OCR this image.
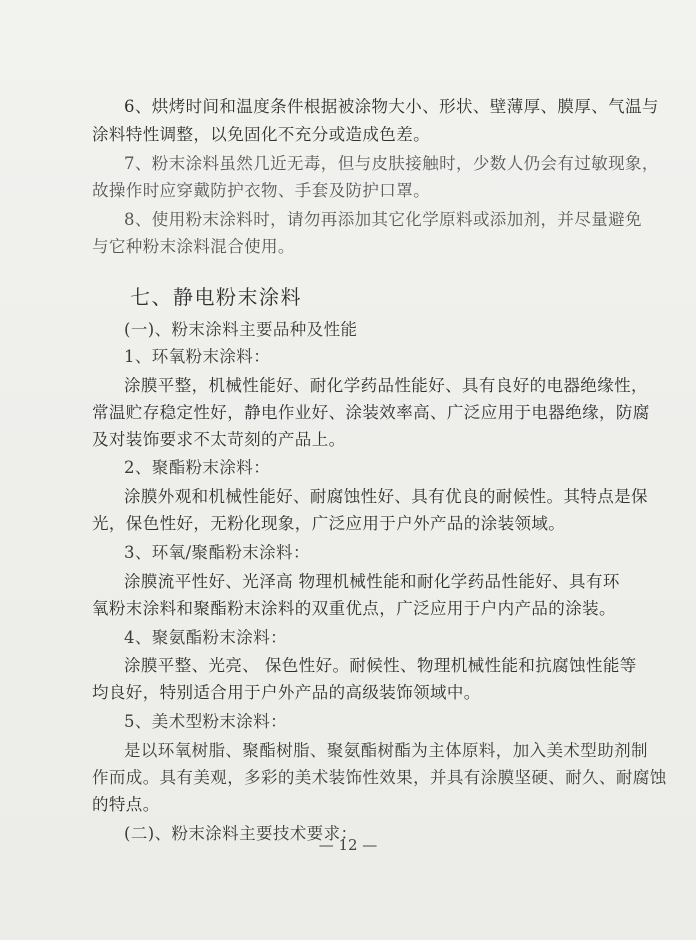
6、烘烤时间和温度条件根据被涂物大小、形状、壁薄厚、膜厚、气温与
涂料特性调整，以免固化不充分或造成色差。
7、粉末涂料虽然几近无毒，但与皮肤接触时，少数人仍会有过敏现象，
故操作时应穿戴防护衣物、手套及防护口罩。
8、使用粉末涂料时，请勿再添加其它化学原料或添加剂，并尽量避免
与它种粉末涂料混合使用。
七、静电粉末涂料
(一)、粉末涂料主要品种及性能
1、环氧粉末涂料：
涂膜平整，机械性能好、耐化学药品性能好、具有良好的电器绝缘性，
常温贮存稳定性好，静电作业好、涂装效率高、广泛应用于电器绝缘，防腐
及对装饰要求不太苛刻的产品上。
2、聚酯粉末涂料：
涂膜外观和机械性能好、耐腐蚀性好、具有优良的耐候性。其特点是保
光，保色性好，无粉化现象，广泛应用于户外产品的涂装领域。
3、环氧/聚酯粉末涂料：
涂膜流平性好、光泽高 物理机械性能和耐化学药品性能好、具有环
氧粉末涂料和聚酯粉末涂料的双重优点，广泛应用于户内产品的涂装。
4、聚氨酯粉末涂料：
涂膜平整、光亮、 保色性好。耐候性、物理机械性能和抗腐蚀性能等
均良好，特别适合用于户外产品的高级装饰领域中。
5、美术型粉末涂料：
是以环氧树脂、聚酯树脂、聚氨酯树酯为主体原料，加入美术型助剂制
作而成。具有美观，多彩的美术装饰性效果，并具有涂膜坚硬、耐久、耐腐蚀
的特点。
(二)、粉末涂料主要技术要求：
— 12 —
